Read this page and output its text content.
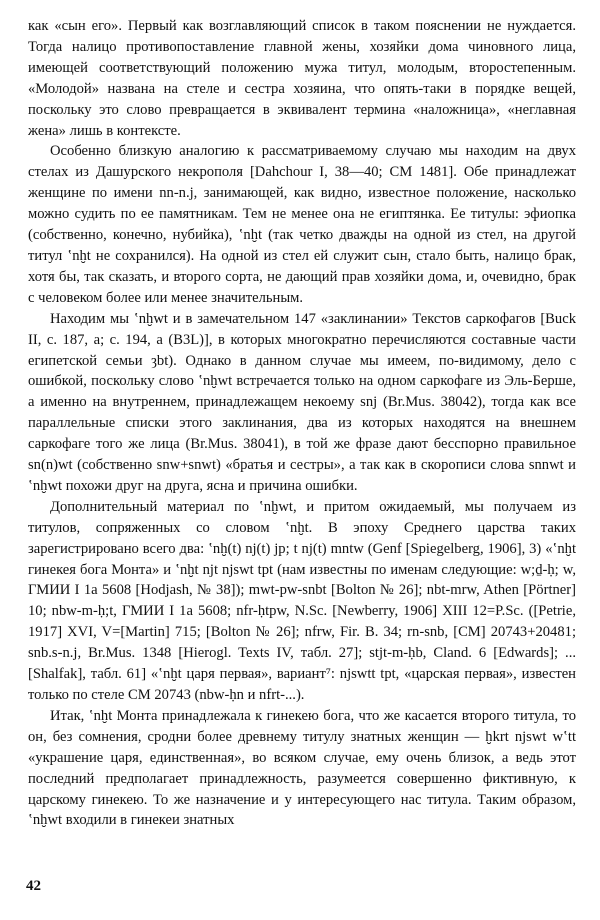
как «сын его». Первый как возглавляющий список в таком пояснении не нуждается. Тогда налицо противопоставление главной жены, хозяйки дома чиновного лица, имеющей соответствующий положению мужа титул, молодым, второстепенным. «Молодой» названа на стеле и сестра хозяина, что опять-таки в порядке вещей, поскольку это слово превращается в эквивалент термина «наложница», «неглавная жена» лишь в контексте.

Особенно близкую аналогию к рассматриваемому случаю мы находим на двух стелах из Дашурского некрополя [Dahchour I, 38—40; CM 1481]. Обе принадлежат женщине по имени nn-n.j, занимающей, как видно, известное положение, насколько можно судить по ее памятникам. Тем не менее она не египтянка. Ее титулы: эфиопка (собственно, конечно, нубийка), ʽnḫt (так четко дважды на одной из стел, на другой титул ʽnḫt не сохранился). На одной из стел ей служит сын, стало быть, налицо брак, хотя бы, так сказать, и второго сорта, не дающий прав хозяйки дома, и, очевидно, брак с человеком более или менее значительным.

Находим мы ʽnḫwt и в замечательном 147 «заклинании» Текстов саркофагов [Buck II, c. 187, a; c. 194, a (B3L)], в которых многократно перечисляются составные части египетской семьи ȝbt). Однако в данном случае мы имеем, по-видимому, дело с ошибкой, поскольку слово ʽnḫwt встречается только на одном саркофаге из Эль-Берше, а именно на внутреннем, принадлежащем некоему snj (Br.Mus. 38042), тогда как все параллельные списки этого заклинания, два из которых находятся на внешнем саркофаге того же лица (Br.Mus. 38041), в той же фразе дают бесспорно правильное sn(n)wt (собственно snw+snwt) «братья и сестры», а так как в скорописи слова snnwt и ʽnḫwt похожи друг на друга, ясна и причина ошибки.

Дополнительный материал по ʽnḫwt, и притом ожидаемый, мы получаем из титулов, сопряженных со словом ʽnḫt. В эпоху Среднего царства таких зарегистрировано всего два: ʽnḫ(t) nj(t) jp; t nj(t) mntw (Genf [Spiegelberg, 1906], 3) «ʽnḫt гинекея бога Монта» и ʽnḫt njt njswt tpt (нам известны по именам следующие: w;ḏ-ḥ; w, ГМИИ I 1a 5608 [Hodjash, № 38]); mwt-pw-snbt [Bolton № 26]; nbt-mrw, Athen [Pörtner] 10; nbw-m-ḥ;t, ГМИИ I 1a 5608; nfr-ḥtpw, N.Sc. [Newberry, 1906] XIII 12=P.Sc. ([Petrie, 1917] XVI, V=[Martin] 715; [Bolton № 26]; nfrw, Fir. B. 34; rn-snb, [CM] 20743+20481; snb.s-n.j, Br.Mus. 1348 [Hierogl. Texts IV, табл. 27]; stjt-m-ḥb, Cland. 6 [Edwards]; ... [Shalfak], табл. 61] «ʽnḫt царя первая», вариант⁷: njswtt tpt, «царская первая», известен только по стеле CM 20743 (nbw-ḥn и nfrt-...).

Итак, ʽnḫt Монта принадлежала к гинекею бога, что же касается второго титула, то он, без сомнения, сродни более древнему титулу знатных женщин — ḫkrt njswt wʽtt «украшение царя, единственная», во всяком случае, ему очень близок, а ведь этот последний предполагает принадлежность, разумеется совершенно фиктивную, к царскому гинекею. То же назначение и у интересующего нас титула. Таким образом, ʽnḫwt входили в гинекеи знатных

42
